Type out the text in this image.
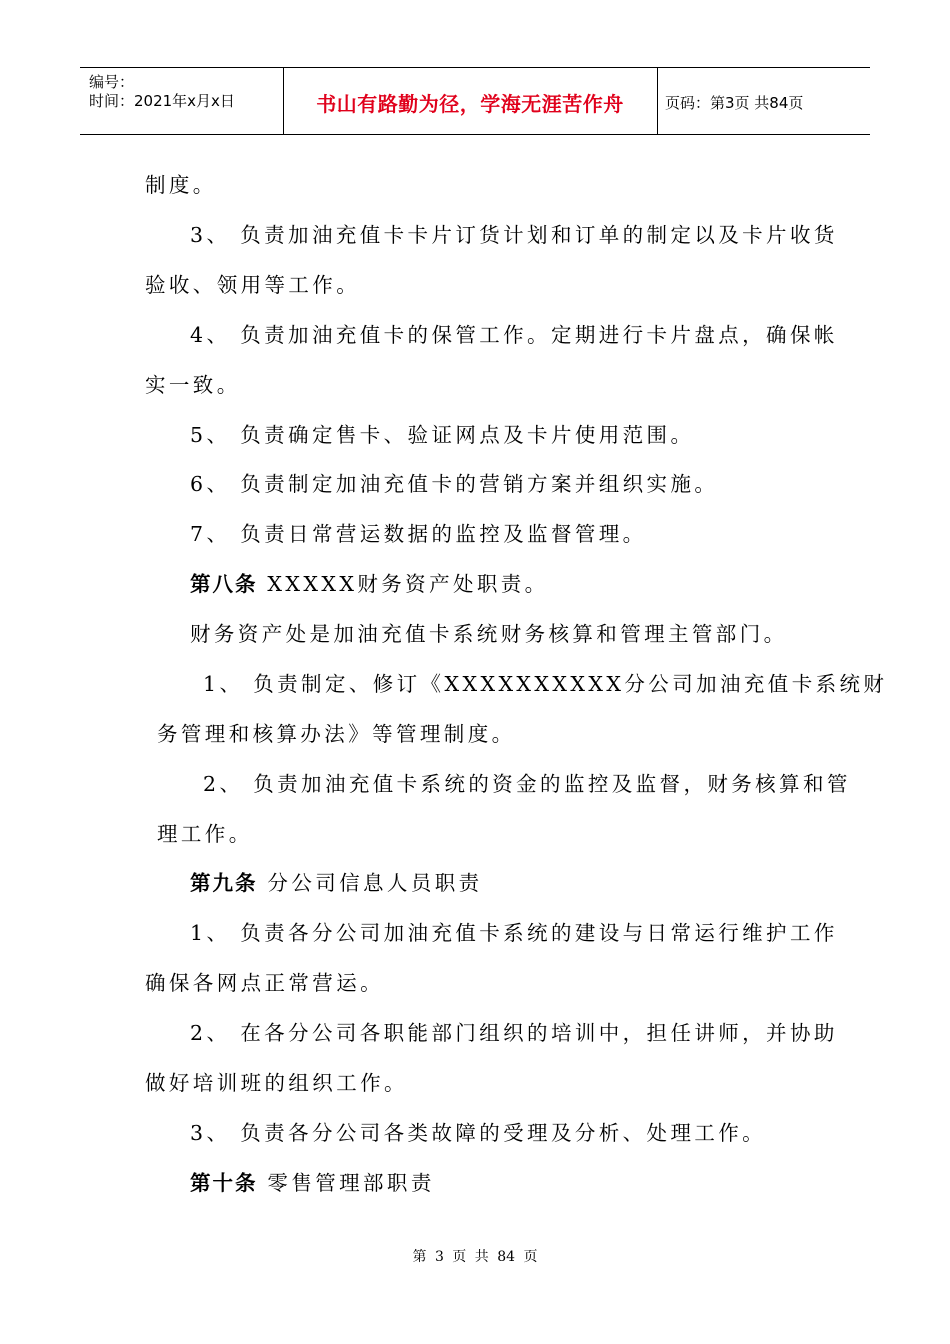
编号：
时间：2021年x月x日	书山有路勤为径，学海无涯苦作舟	页码：第3页 共84页
制度。
3、 负责加油充值卡卡片订货计划和订单的制定以及卡片收货
验收、领用等工作。
4、 负责加油充值卡的保管工作。定期进行卡片盘点，确保帐
实一致。
5、 负责确定售卡、验证网点及卡片使用范围。
6、 负责制定加油充值卡的营销方案并组织实施。
7、 负责日常营运数据的监控及监督管理。
第八条 XXXXX财务资产处职责。
财务资产处是加油充值卡系统财务核算和管理主管部门。
1、 负责制定、修订《XXXXXXXXXX分公司加油充值卡系统财
务管理和核算办法》等管理制度。
2、 负责加油充值卡系统的资金的监控及监督，财务核算和管
理工作。
第九条 分公司信息人员职责
1、 负责各分公司加油充值卡系统的建设与日常运行维护工作
确保各网点正常营运。
2、 在各分公司各职能部门组织的培训中，担任讲师，并协助
做好培训班的组织工作。
3、 负责各分公司各类故障的受理及分析、处理工作。
第十条 零售管理部职责
第 3 页 共 84 页
